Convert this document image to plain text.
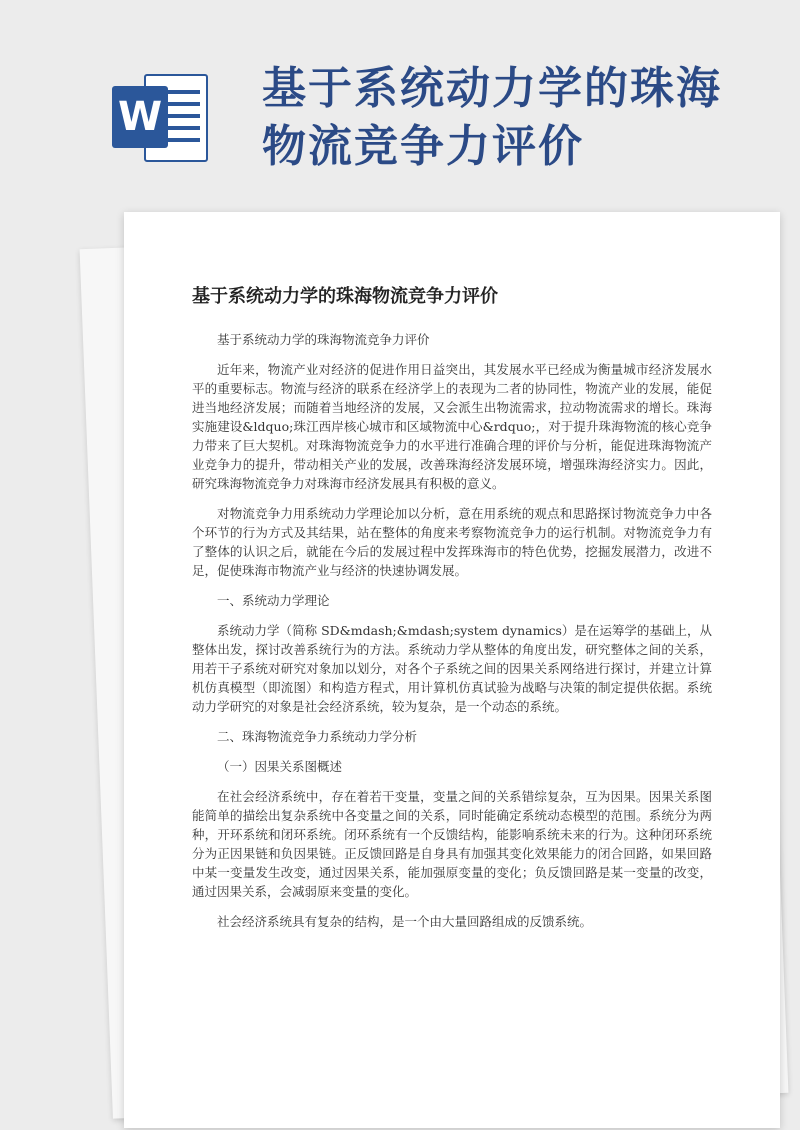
W
基于系统动力学的珠海物流竞争力评价
基于系统动力学的珠海物流竞争力评价

基于系统动力学的珠海物流竞争力评价

近年来，物流产业对经济的促进作用日益突出，其发展水平已经成为衡量城市经济发展水平的重要标志。物流与经济的联系在经济学上的表现为二者的协同性，物流产业的发展，能促进当地经济发展；而随着当地经济的发展，又会派生出物流需求，拉动物流需求的增长。珠海实施建设&ldquo;珠江西岸核心城市和区域物流中心&rdquo;，对于提升珠海物流的核心竞争力带来了巨大契机。对珠海物流竞争力的水平进行准确合理的评价与分析，能促进珠海物流产业竞争力的提升，带动相关产业的发展，改善珠海经济发展环境，增强珠海经济实力。因此，研究珠海物流竞争力对珠海市经济发展具有积极的意义。

对物流竞争力用系统动力学理论加以分析，意在用系统的观点和思路探讨物流竞争力中各个环节的行为方式及其结果，站在整体的角度来考察物流竞争力的运行机制。对物流竞争力有了整体的认识之后，就能在今后的发展过程中发挥珠海市的特色优势，挖掘发展潜力，改进不足，促使珠海市物流产业与经济的快速协调发展。

一、系统动力学理论

系统动力学（简称 SD&mdash;&mdash;system dynamics）是在运筹学的基础上，从整体出发，探讨改善系统行为的方法。系统动力学从整体的角度出发，研究整体之间的关系，用若干子系统对研究对象加以划分，对各个子系统之间的因果关系网络进行探讨，并建立计算机仿真模型（即流图）和构造方程式，用计算机仿真试验为战略与决策的制定提供依据。系统动力学研究的对象是社会经济系统，较为复杂，是一个动态的系统。

二、珠海物流竞争力系统动力学分析

（一）因果关系图概述

在社会经济系统中，存在着若干变量，变量之间的关系错综复杂，互为因果。因果关系图能简单的描绘出复杂系统中各变量之间的关系，同时能确定系统动态模型的范围。系统分为两种，开环系统和闭环系统。闭环系统有一个反馈结构，能影响系统未来的行为。这种闭环系统分为正因果链和负因果链。正反馈回路是自身具有加强其变化效果能力的闭合回路，如果回路中某一变量发生改变，通过因果关系，能加强原变量的变化；负反馈回路是某一变量的改变，通过因果关系，会减弱原来变量的变化。

社会经济系统具有复杂的结构，是一个由大量回路组成的反馈系统。
